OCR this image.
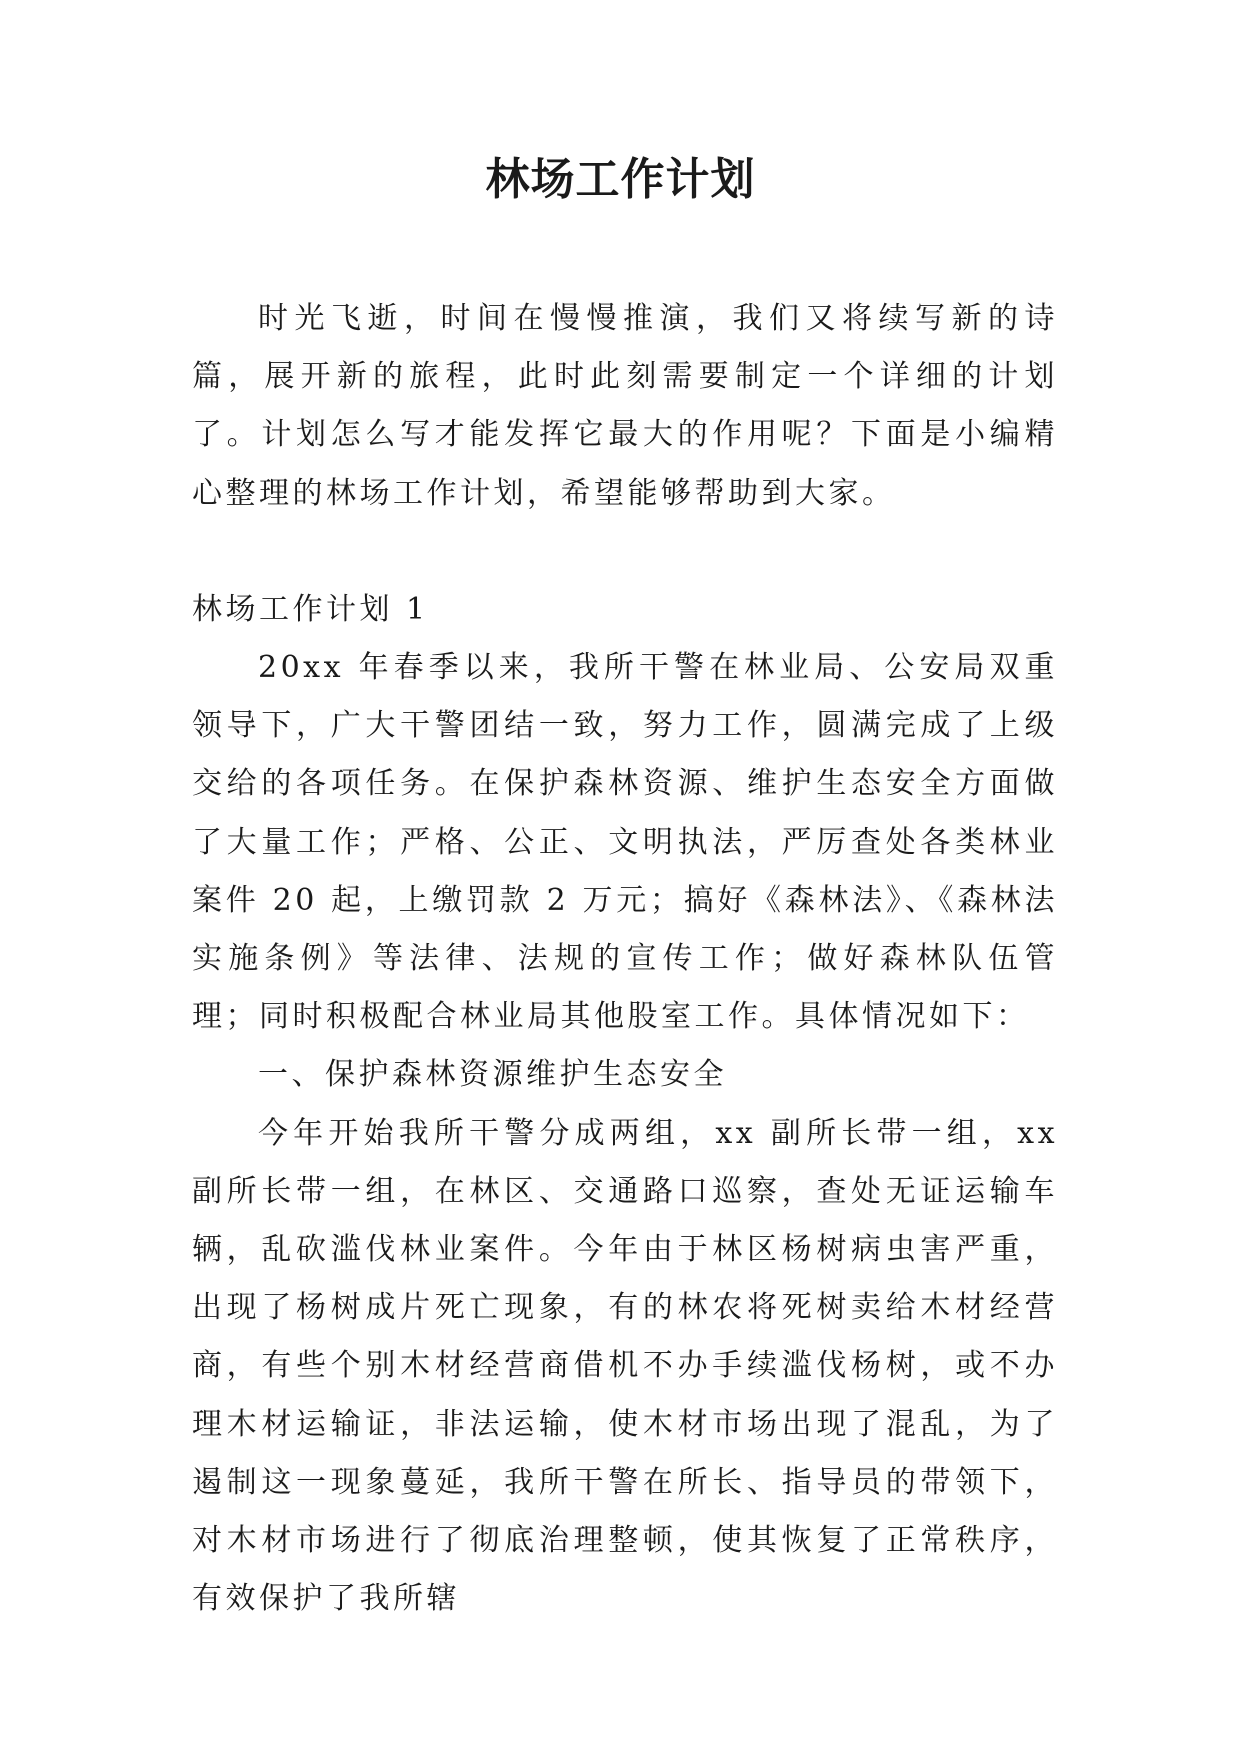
林场工作计划

时光飞逝，时间在慢慢推演，我们又将续写新的诗篇，展开新的旅程，此时此刻需要制定一个详细的计划了。计划怎么写才能发挥它最大的作用呢？下面是小编精心整理的林场工作计划，希望能够帮助到大家。

林场工作计划 1

20xx 年春季以来，我所干警在林业局、公安局双重领导下，广大干警团结一致，努力工作，圆满完成了上级交给的各项任务。在保护森林资源、维护生态安全方面做了大量工作；严格、公正、文明执法，严厉查处各类林业案件 20 起，上缴罚款 2 万元；搞好《森林法》、《森林法实施条例》等法律、法规的宣传工作；做好森林队伍管理；同时积极配合林业局其他股室工作。具体情况如下：

一、保护森林资源维护生态安全

今年开始我所干警分成两组，xx 副所长带一组，xx 副所长带一组，在林区、交通路口巡察，查处无证运输车辆，乱砍滥伐林业案件。今年由于林区杨树病虫害严重，出现了杨树成片死亡现象，有的林农将死树卖给木材经营商，有些个别木材经营商借机不办手续滥伐杨树，或不办理木材运输证，非法运输，使木材市场出现了混乱，为了遏制这一现象蔓延，我所干警在所长、指导员的带领下，对木材市场进行了彻底治理整顿，使其恢复了正常秩序，有效保护了我所辖
